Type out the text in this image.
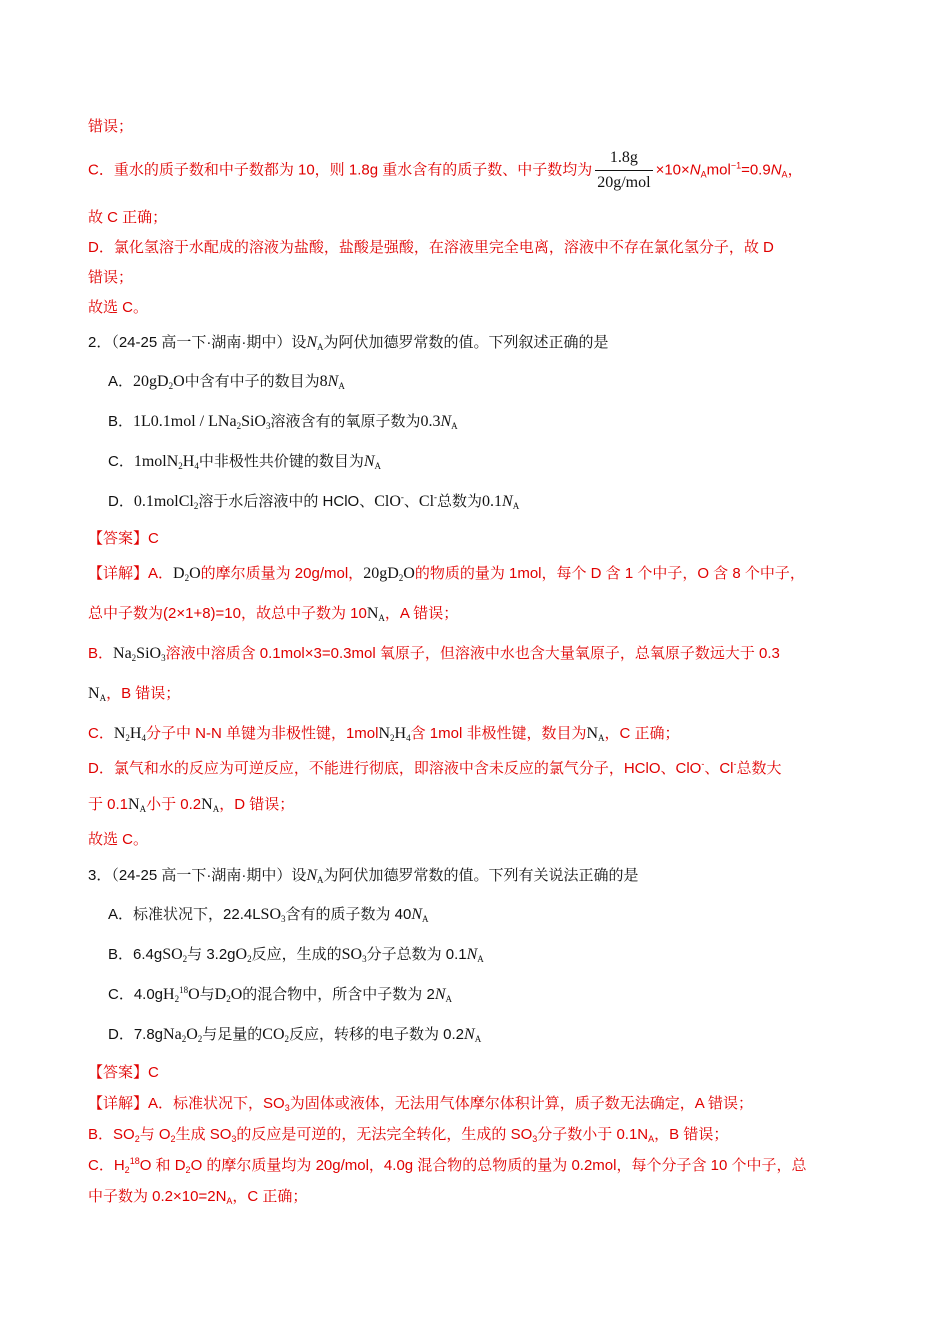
错误；
C．重水的质子数和中子数都为 10，则 1.8g 重水含有的质子数、中子数均为 $\frac{1.8g}{\text{20g/mol}} \times 10\times N_Amol^{-1}=0.9N_A$，
故 C 正确；
D．氯化氢溶于水配成的溶液为盐酸，盐酸是强酸，在溶液里完全电离，溶液中不存在氯化氢分子，故 D
错误；
故选 C。
2．（24-25 高一下·湖南·期中）设$N_A$为阿伏加德罗常数的值。下列叙述正确的是
A．$20gD_2O$中含有中子的数目为$8N_A$
B．1L0.1mol / LNa$_2$SiO$_3$溶液含有的氧原子数为$0.3N_A$
C．$1molN_2H_4$中非极性共价键的数目为$N_A$
D．0.1molCl$_2$溶于水后溶液中的 HClO、ClO-、Cl-总数为$0.1N_A$
【答案】C
【详解】A．$D_2O$的摩尔质量为 20g/mol，$20gD_2O$的物质的量为 1mol，每个 D 含 1 个中子，O 含 8 个中子，
总中子数为(2×1+8)=10，故总中子数为 $10N_A$，A 错误；
B．$Na_2SiO_3$溶液中溶质含 0.1mol×3=0.3mol 氧原子，但溶液中水也含大量氧原子，总氧原子数远大于 0.3
$N_A$，B 错误；
C．$N_2H_4$分子中 N-N 单键为非极性键，$1molN_2H_4$含 1mol 非极性键，数目为$N_A$，C 正确；
D．氯气和水的反应为可逆反应，不能进行彻底，即溶液中含未反应的氯气分子，HClO、ClO-、Cl-总数大
于 $0.1N_A$小于 $0.2N_A$，D 错误；
故选 C。
3．（24-25 高一下·湖南·期中）设$N_A$为阿伏加德罗常数的值。下列有关说法正确的是
A．标准状况下，$22.4LSO_3$含有的质子数为 $40N_A$
B．6.4gSO$_2$与 $3.2gO_2$反应，生成的$SO_3$分子总数为 $0.1N_A$
C．$4.0gH_2^{18}O$与$D_2O$的混合物中，所含中子数为 $2N_A$
D．$7.8gNa_2O_2$与足量的$CO_2$反应，转移的电子数为 $0.2N_A$
【答案】C
【详解】A．标准状况下，$SO_3$为固体或液体，无法用气体摩尔体积计算，质子数无法确定，A 错误；
B．$SO_2$与 $O_2$生成 $SO_3$的反应是可逆的，无法完全转化，生成的 $SO_3$分子数小于 $0.1N_A$，B 错误；
C．$H_2^{18}O$ 和 $D_2O$ 的摩尔质量均为 20g/mol，4.0g 混合物的总物质的量为 0.2mol，每个分子含 10 个中子，总
中子数为 $0.2\times 10=2N_A$，C 正确；
